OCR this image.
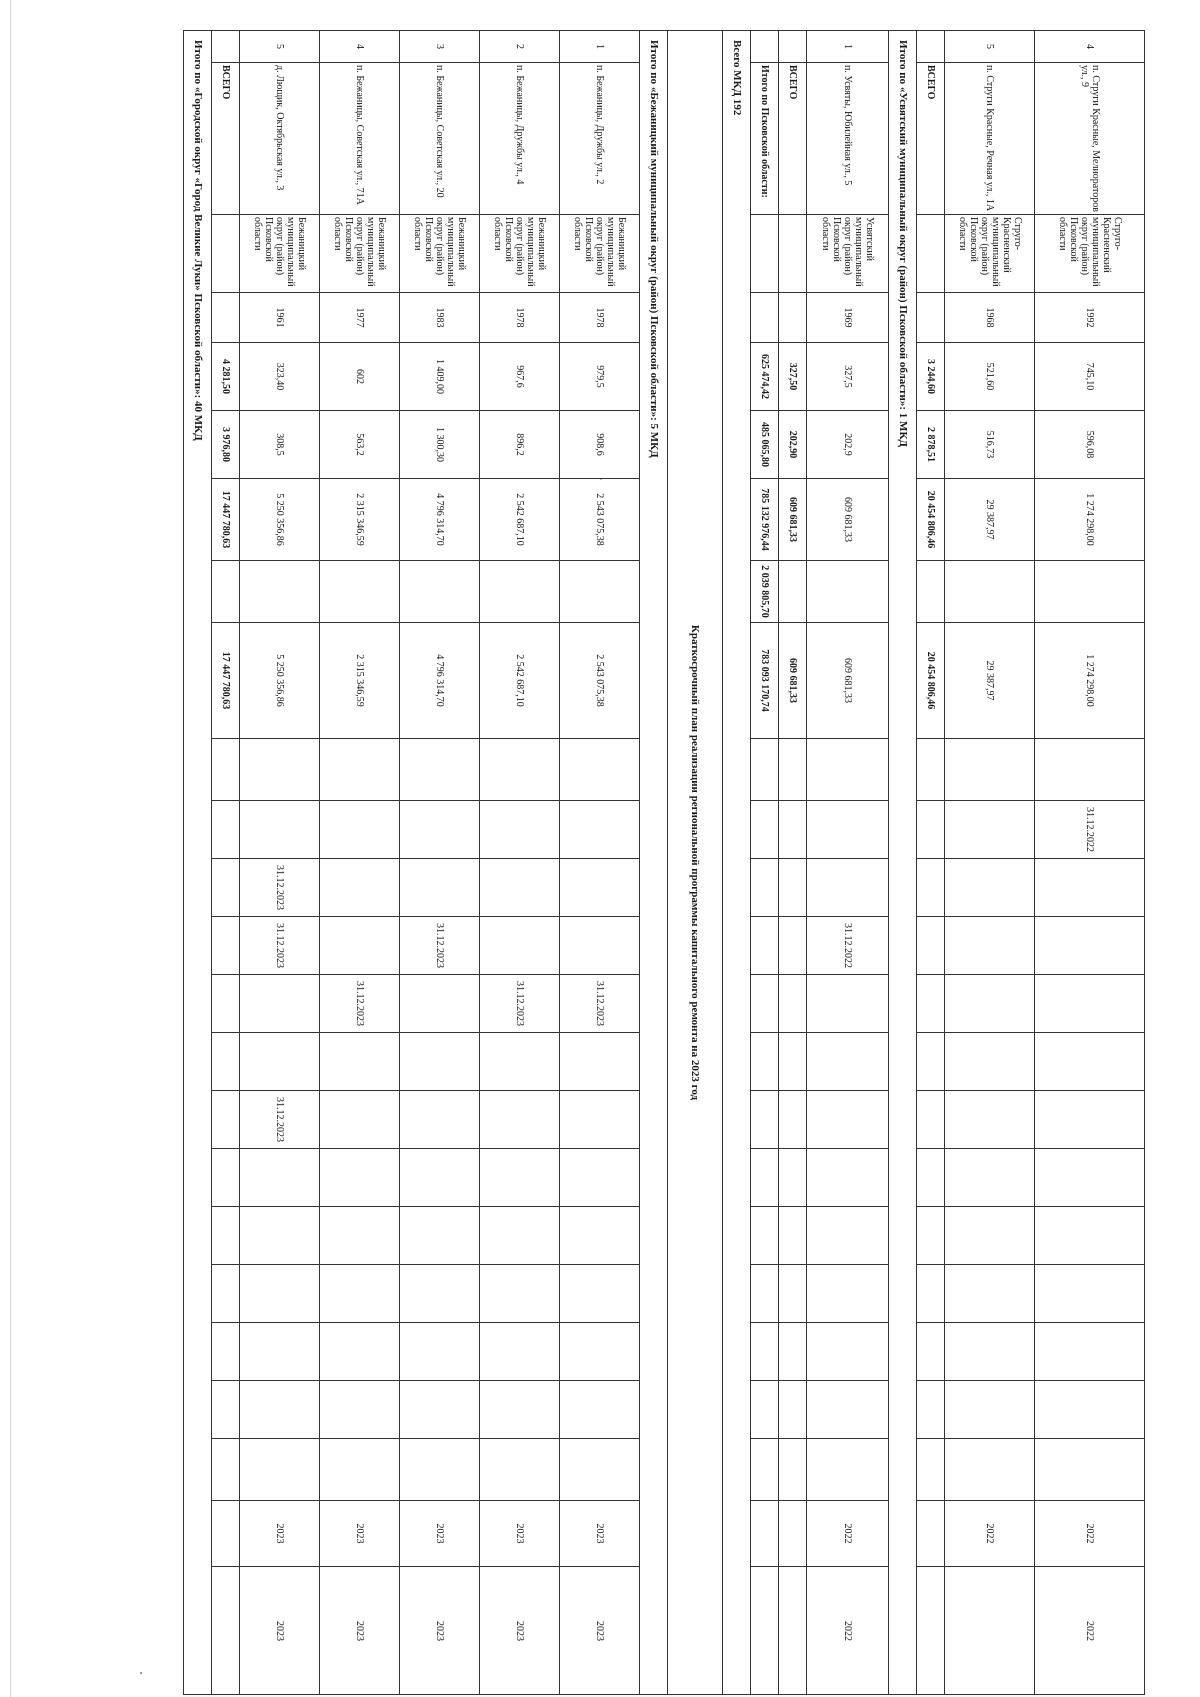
4
п. Струги Красные, Мелиораторов ул., 9
Струго-Красненский муниципальный округ (район) Псковской области
1992
745,10
596,08
1 274 298,00
1 274 298,00
31.12.2022
2022
2022
5
п. Струги Красные, Речная ул., 1А
Струго-Красненский муниципальный округ (район) Псковской области
1968
521,60
516,73
29 387,97
29 387,97
2022
ВСЕГО
3 244,60
2 878,51
20 454 806,46
20 454 806,46
Итого по «Усвятский муниципальный округ (район) Псковской области»: 1 МКД
1
п. Усвяты, Юбилейная ул., 5
Усвятский муниципальный округ (район) Псковской области
1969
327,5
202,9
609 681,33
609 681,33
31.12.2022
2022
2022
ВСЕГО
327,50
202,90
609 681,33
609 681,33
Итого по Псковской области:
625 474,42
485 065,80
785 132 976,44
2 039 805,70
783 093 170,74
Всего МКД 192
Краткосрочный план реализации региональной программы капитального ремонта на 2023 год
Итого по «Бежаницкий муниципальный округ (район) Псковской области»: 5 МКД
1
п. Бежаницы, Дружбы ул., 2
Бежаницкий муниципальный округ (район) Псковской области
1978
979,5
908,6
2 543 075,38
2 543 075,38
31.12.2023
2023
2023
2
п. Бежаницы, Дружбы ул., 4
Бежаницкий муниципальный округ (район) Псковской области
1978
967,6
896,2
2 542 687,10
2 542 687,10
31.12.2023
2023
2023
3
п. Бежаницы, Советская ул., 20
Бежаницкий муниципальный округ (район) Псковской области
1983
1 409,00
1 300,30
4 796 314,70
4 796 314,70
31.12.2023
2023
2023
4
п. Бежаницы, Советская ул., 71А
Бежаницкий муниципальный округ (район) Псковской области
1977
602
563,2
2 315 346,59
2 315 346,59
31.12.2023
2023
2023
5
д. Лющик, Октябрьская ул., 3
Бежаницкий муниципальный округ (район) Псковской области
1961
323,40
308,5
5 250 356,86
5 250 356,86
31.12.2023
31.12.2023
31.12.2023
2023
2023
ВСЕГО
4 281,50
3 976,80
17 447 780,63
17 447 780,63
Итого по «Городской округ «Город Великие Луки» Псковской области»: 40 МКД
